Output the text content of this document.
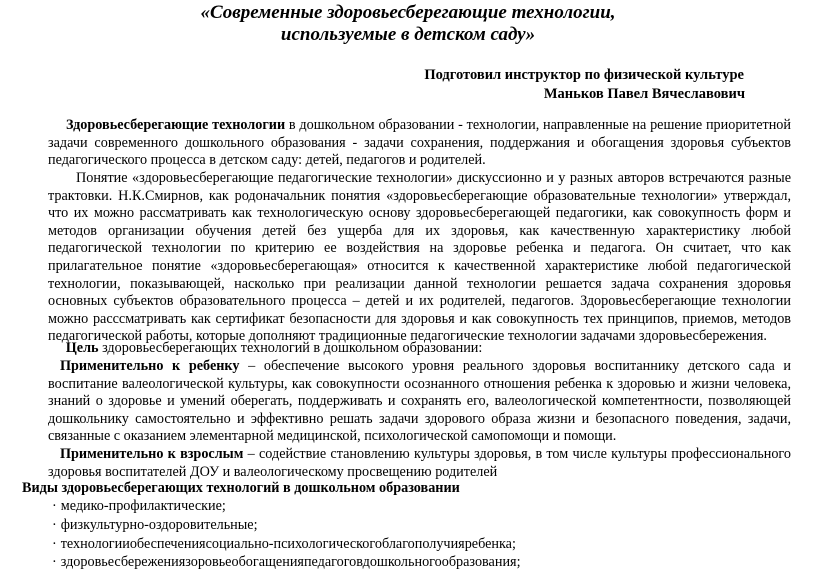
«Современные здоровьесберегающие технологии,
используемые в детском саду»
Подготовил инструктор по физической культуре
Маньков Павел Вячеславович

Здоровьесберегающие технологии в дошкольном образовании - технологии, направленные на решение приоритетной задачи современного дошкольного образования - задачи сохранения, поддержания и обогащения здоровья субъектов педагогического процесса в детском саду: детей, педагогов и родителей.

Понятие «здоровьесберегающие педагогические технологии» дискуссионно и у разных авторов встречаются разные трактовки. Н.К.Смирнов, как родоначальник понятия «здоровьесберегающие образовательные технологии» утверждал, что их можно рассматривать как технологическую основу здоровьесберегающей педагогики, как совокупность форм и методов организации обучения детей без ущерба для их здоровья, как качественную характеристику любой педагогической технологии по критерию ее воздействия на здоровье ребенка и педагога. Он считает, что как прилагательное понятие «здоровьесберегающая» относится к качественной характеристике любой педагогической технологии, показывающей, насколько при реализации данной технологии решается задача сохранения здоровья основных субъектов образовательного процесса – детей и их родителей, педагогов. Здоровьесберегающие технологии можно расссматривать как сертификат безопасности для здоровья и как совокупность тех принципов, приемов, методов педагогической работы, которые дополняют традиционные педагогические технологии задачами здоровьесбережения.

Цель здоровьесберегающих технологий в дошкольном образовании:

Применительно к ребенку – обеспечение высокого уровня реального здоровья воспитаннику детского сада и воспитание валеологической культуры, как совокупности осознанного отношения ребенка к здоровью и жизни человека, знаний о здоровье и умений оберегать, поддерживать и сохранять его, валеологической компетентности, позволяющей дошкольнику самостоятельно и эффективно решать задачи здорового образа жизни и безопасного поведения, задачи, связанные с оказанием элементарной медицинской, психологической самопомощи и помощи.

Применительно к взрослым – содействие становлению культуры здоровья, в том числе культуры профессионального здоровья воспитателей ДОУ и валеологическому просвещению родителей

Виды здоровьесберегающих технологий в дошкольном образовании

· медико-профилактические;
· физкультурно-оздоровительные;
· технологииобеспечениясоциально-психологическогоблагополучияребенка;
· здоровьесбережениязоровьеобогащенияпедагоговдошкольногообразования;
